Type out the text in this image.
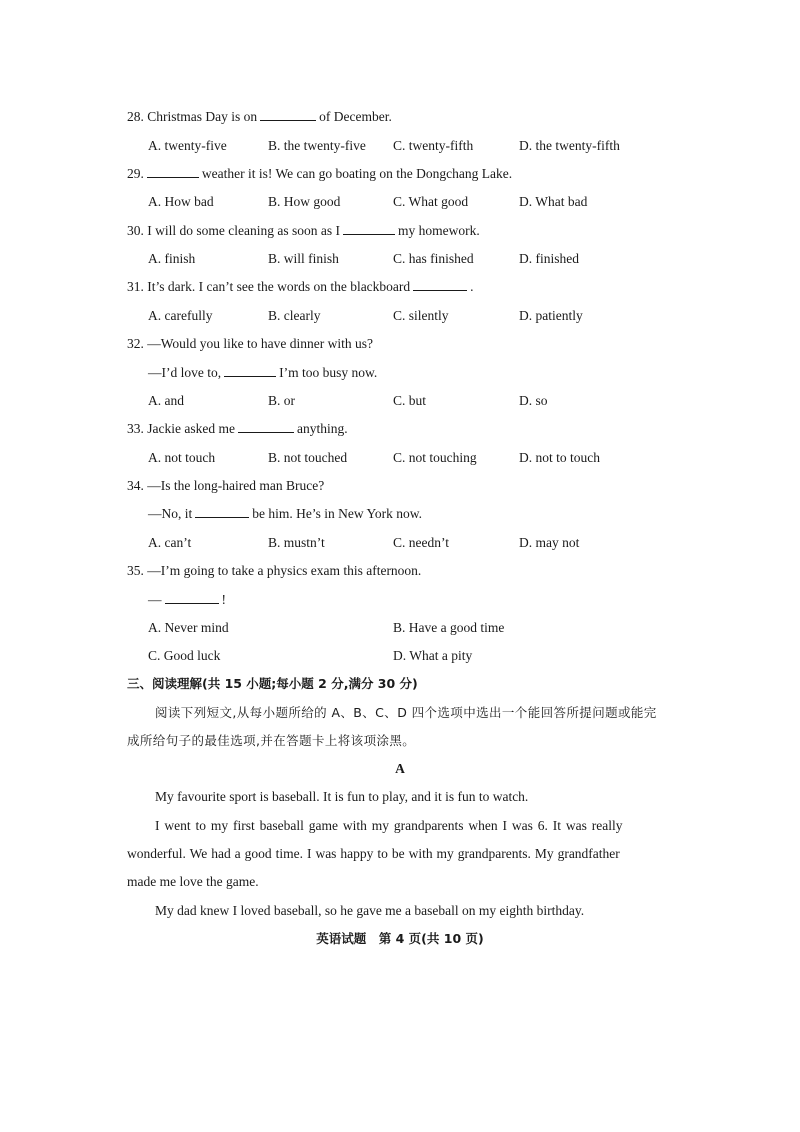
28. Christmas Day is on	of December.
A. twenty-five	B. the twenty-five C. twenty-fifth	D. the twenty-fifth
29.	weather it is! We can go boating on the Dongchang Lake.
A. How bad	B. How good	C. What good	D. What bad
30. I will do some cleaning as soon as I	my homework.
A. finish	B. will finish	C. has finished	D. finished
31. It’s dark. I can’t see the words on the blackboard	.
A. carefully	B. clearly	C. silently	D. patiently
32. —Would you like to have dinner with us?
—I’d love to,	I’m too busy now.
A. and	B. or	C. but	D. so
33. Jackie asked me	anything.
A. not touch	B. not touched	C. not touching	D. not to touch
34. —Is the long-haired man Bruce?
—No, it	be him. He’s in New York now.
A. can’t	B. mustn’t	C. needn’t	D. may not
35. —I’m going to take a physics exam this afternoon.
—	!
A. Never mind	B. Have a good time
C. Good luck	D. What a pity
三、阅读理解(共 15 小题;每小题 2 分,满分 30 分)
阅读下列短文,从每小题所给的 A、B、C、D 四个选项中选出一个能回答所提问题或能完
成所给句子的最佳选项,并在答题卡上将该项涂黑。
A
My favourite sport is baseball. It is fun to play, and it is fun to watch.
I went to my first baseball game with my grandparents when I was 6. It was really
wonderful. We had a good time. I was happy to be with my grandparents. My grandfather
made me love the game.
My dad knew I loved baseball, so he gave me a baseball on my eighth birthday.
英语试题　第 4 页(共 10 页)
